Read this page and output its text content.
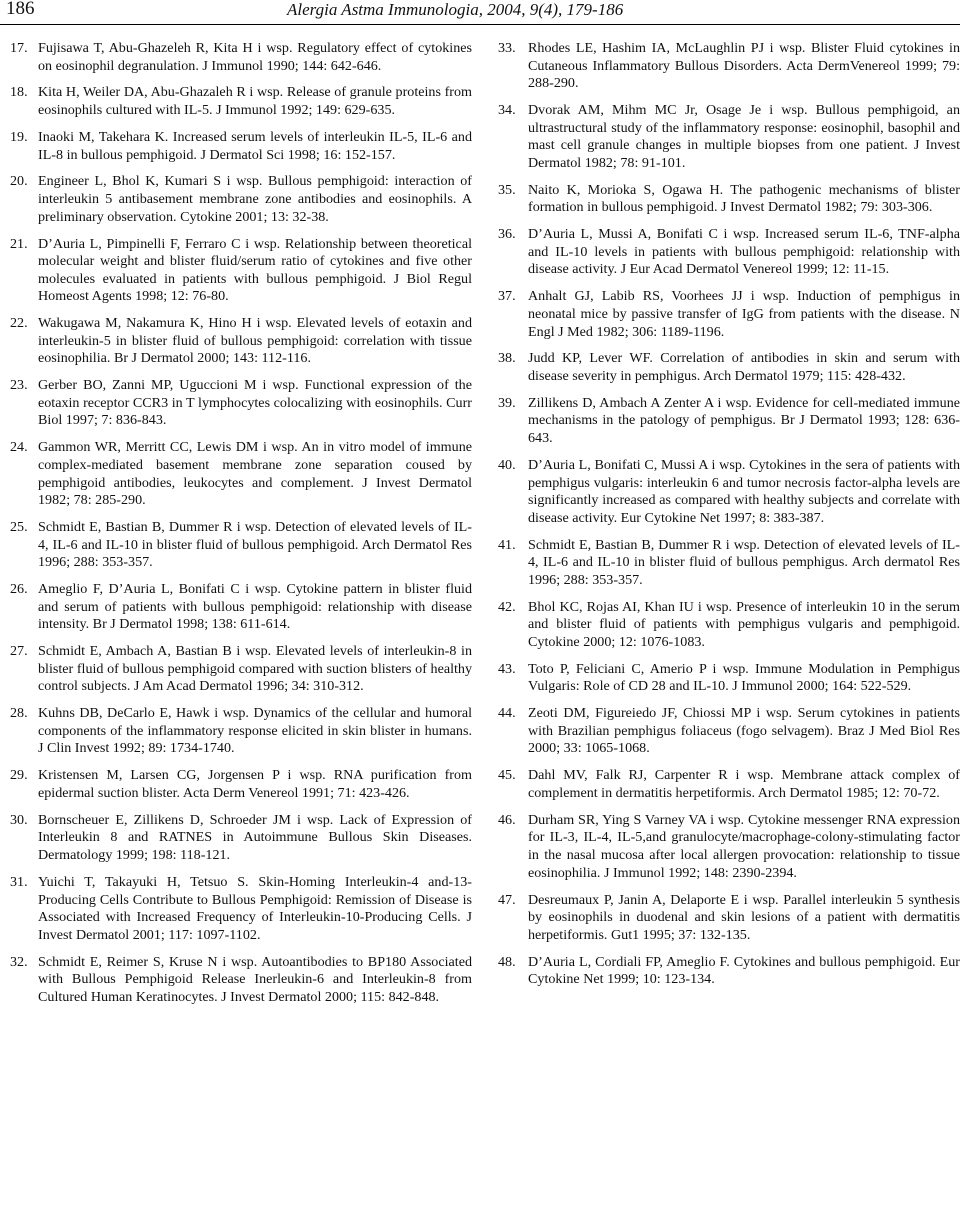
186	Alergia Astma Immunologia, 2004, 9(4), 179-186
17. Fujisawa T, Abu-Ghazeleh R, Kita H i wsp. Regulatory effect of cytokines on eosinophil degranulation. J Immunol 1990; 144: 642-646.
18. Kita H, Weiler DA, Abu-Ghazaleh R i wsp. Release of granule proteins from eosinophils cultured with IL-5. J Immunol 1992; 149: 629-635.
19. Inaoki M, Takehara K. Increased serum levels of interleukin IL-5, IL-6 and IL-8 in bullous pemphigoid. J Dermatol Sci 1998; 16: 152-157.
20. Engineer L, Bhol K, Kumari S i wsp. Bullous pemphigoid: interaction of interleukin 5 antibasement membrane zone antibodies and eosinophils. A preliminary observation. Cytokine 2001; 13: 32-38.
21. D’Auria L, Pimpinelli F, Ferraro C i wsp. Relationship between theoretical molecular weight and blister fluid/serum ratio of cytokines and five other molecules evaluated in patients with bullous pemphigoid. J Biol Regul Homeost Agents 1998; 12: 76-80.
22. Wakugawa M, Nakamura K, Hino H i wsp. Elevated levels of eotaxin and interleukin-5 in blister fluid of bullous pemphigoid: correlation with tissue eosinophilia. Br J Dermatol 2000; 143: 112-116.
23. Gerber BO, Zanni MP, Uguccioni M i wsp. Functional expression of the eotaxin receptor CCR3 in T lymphocytes colocalizing with eosinophils. Curr Biol 1997; 7: 836-843.
24. Gammon WR, Merritt CC, Lewis DM i wsp. An in vitro model of immune complex-mediated basement membrane zone separation coused by pemphigoid antibodies, leukocytes and complement. J Invest Dermatol 1982; 78: 285-290.
25. Schmidt E, Bastian B, Dummer R i wsp. Detection of elevated levels of IL-4, IL-6 and IL-10 in blister fluid of bullous pemphigoid. Arch Dermatol Res 1996; 288: 353-357.
26. Ameglio F, D’Auria L, Bonifati C i wsp. Cytokine pattern in blister fluid and serum of patients with bullous pemphigoid: relationship with disease intensity. Br J Dermatol 1998; 138: 611-614.
27. Schmidt E, Ambach A, Bastian B i wsp. Elevated levels of interleukin-8 in blister fluid of bullous pemphigoid compared with suction blisters of healthy control subjects. J Am Acad Dermatol 1996; 34: 310-312.
28. Kuhns DB, DeCarlo E, Hawk i wsp. Dynamics of the cellular and humoral components of the inflammatory response elicited in skin blister in humans. J Clin Invest 1992; 89: 1734-1740.
29. Kristensen M, Larsen CG, Jorgensen P i wsp. RNA purification from epidermal suction blister. Acta Derm Venereol 1991; 71: 423-426.
30. Bornscheuer E, Zillikens D, Schroeder JM i wsp. Lack of Expression of Interleukin 8 and RATNES in Autoimmune Bullous Skin Diseases. Dermatology 1999; 198: 118-121.
31. Yuichi T, Takayuki H, Tetsuo S. Skin-Homing Interleukin-4 and-13-Producing Cells Contribute to Bullous Pemphigoid: Remission of Disease is Associated with Increased Frequency of Interleukin-10-Producing Cells. J Invest Dermatol 2001; 117: 1097-1102.
32. Schmidt E, Reimer S, Kruse N i wsp. Autoantibodies to BP180 Associated with Bullous Pemphigoid Release Inerleukin-6 and Interleukin-8 from Cultured Human Keratinocytes. J Invest Dermatol 2000; 115: 842-848.
33. Rhodes LE, Hashim IA, McLaughlin PJ i wsp. Blister Fluid cytokines in Cutaneous Inflammatory Bullous Disorders. Acta DermVenereol 1999; 79: 288-290.
34. Dvorak AM, Mihm MC Jr, Osage Je i wsp. Bullous pemphigoid, an ultrastructural study of the inflammatory response: eosinophil, basophil and mast cell granule changes in multiple biopses from one patient. J Invest Dermatol 1982; 78: 91-101.
35. Naito K, Morioka S, Ogawa H. The pathogenic mechanisms of blister formation in bullous pemphigoid. J Invest Dermatol 1982; 79: 303-306.
36. D’Auria L, Mussi A, Bonifati C i wsp. Increased serum IL-6, TNF-alpha and IL-10 levels in patients with bullous pemphigoid: relationship with disease activity. J Eur Acad Dermatol Venereol 1999; 12: 11-15.
37. Anhalt GJ, Labib RS, Voorhees JJ i wsp. Induction of pemphigus in neonatal mice by passive transfer of IgG from patients with the disease. N Engl J Med 1982; 306: 1189-1196.
38. Judd KP, Lever WF. Correlation of antibodies in skin and serum with disease severity in pemphigus. Arch Dermatol 1979; 115: 428-432.
39. Zillikens D, Ambach A Zenter A i wsp. Evidence for cell-mediated immune mechanisms in the patology of pemphigus. Br J Dermatol 1993; 128: 636-643.
40. D’Auria L, Bonifati C, Mussi A i wsp. Cytokines in the sera of patients with pemphigus vulgaris: interleukin 6 and tumor necrosis factor-alpha levels are significantly increased as compared with healthy subjects and correlate with disease activity. Eur Cytokine Net 1997; 8: 383-387.
41. Schmidt E, Bastian B, Dummer R i wsp. Detection of elevated levels of IL-4, IL-6 and IL-10 in blister fluid of bullous pemphigus. Arch dermatol Res 1996; 288: 353-357.
42. Bhol KC, Rojas AI, Khan IU i wsp. Presence of interleukin 10 in the serum and blister fluid of patients with pemphigus vulgaris and pemphigoid. Cytokine 2000; 12: 1076-1083.
43. Toto P, Feliciani C, Amerio P i wsp. Immune Modulation in Pemphigus Vulgaris: Role of CD 28 and IL-10. J Immunol 2000; 164: 522-529.
44. Zeoti DM, Figureiedo JF, Chiossi MP i wsp. Serum cytokines in patients with Brazilian pemphigus foliaceus (fogo selvagem). Braz J Med Biol Res 2000; 33: 1065-1068.
45. Dahl MV, Falk RJ, Carpenter R i wsp. Membrane attack complex of complement in dermatitis herpetiformis. Arch Dermatol 1985; 12: 70-72.
46. Durham SR, Ying S Varney VA i wsp. Cytokine messenger RNA expression for IL-3, IL-4, IL-5,and granulocyte/macrophage-colony-stimulating factor in the nasal mucosa after local allergen provocation: relationship to tissue eosinophilia. J Immunol 1992; 148: 2390-2394.
47. Desreumaux P, Janin A, Delaporte E i wsp. Parallel interleukin 5 synthesis by eosinophils in duodenal and skin lesions of a patient with dermatitis herpetiformis. Gut1 1995; 37: 132-135.
48. D’Auria L, Cordiali FP, Ameglio F. Cytokines and bullous pemphigoid. Eur Cytokine Net 1999; 10: 123-134.
